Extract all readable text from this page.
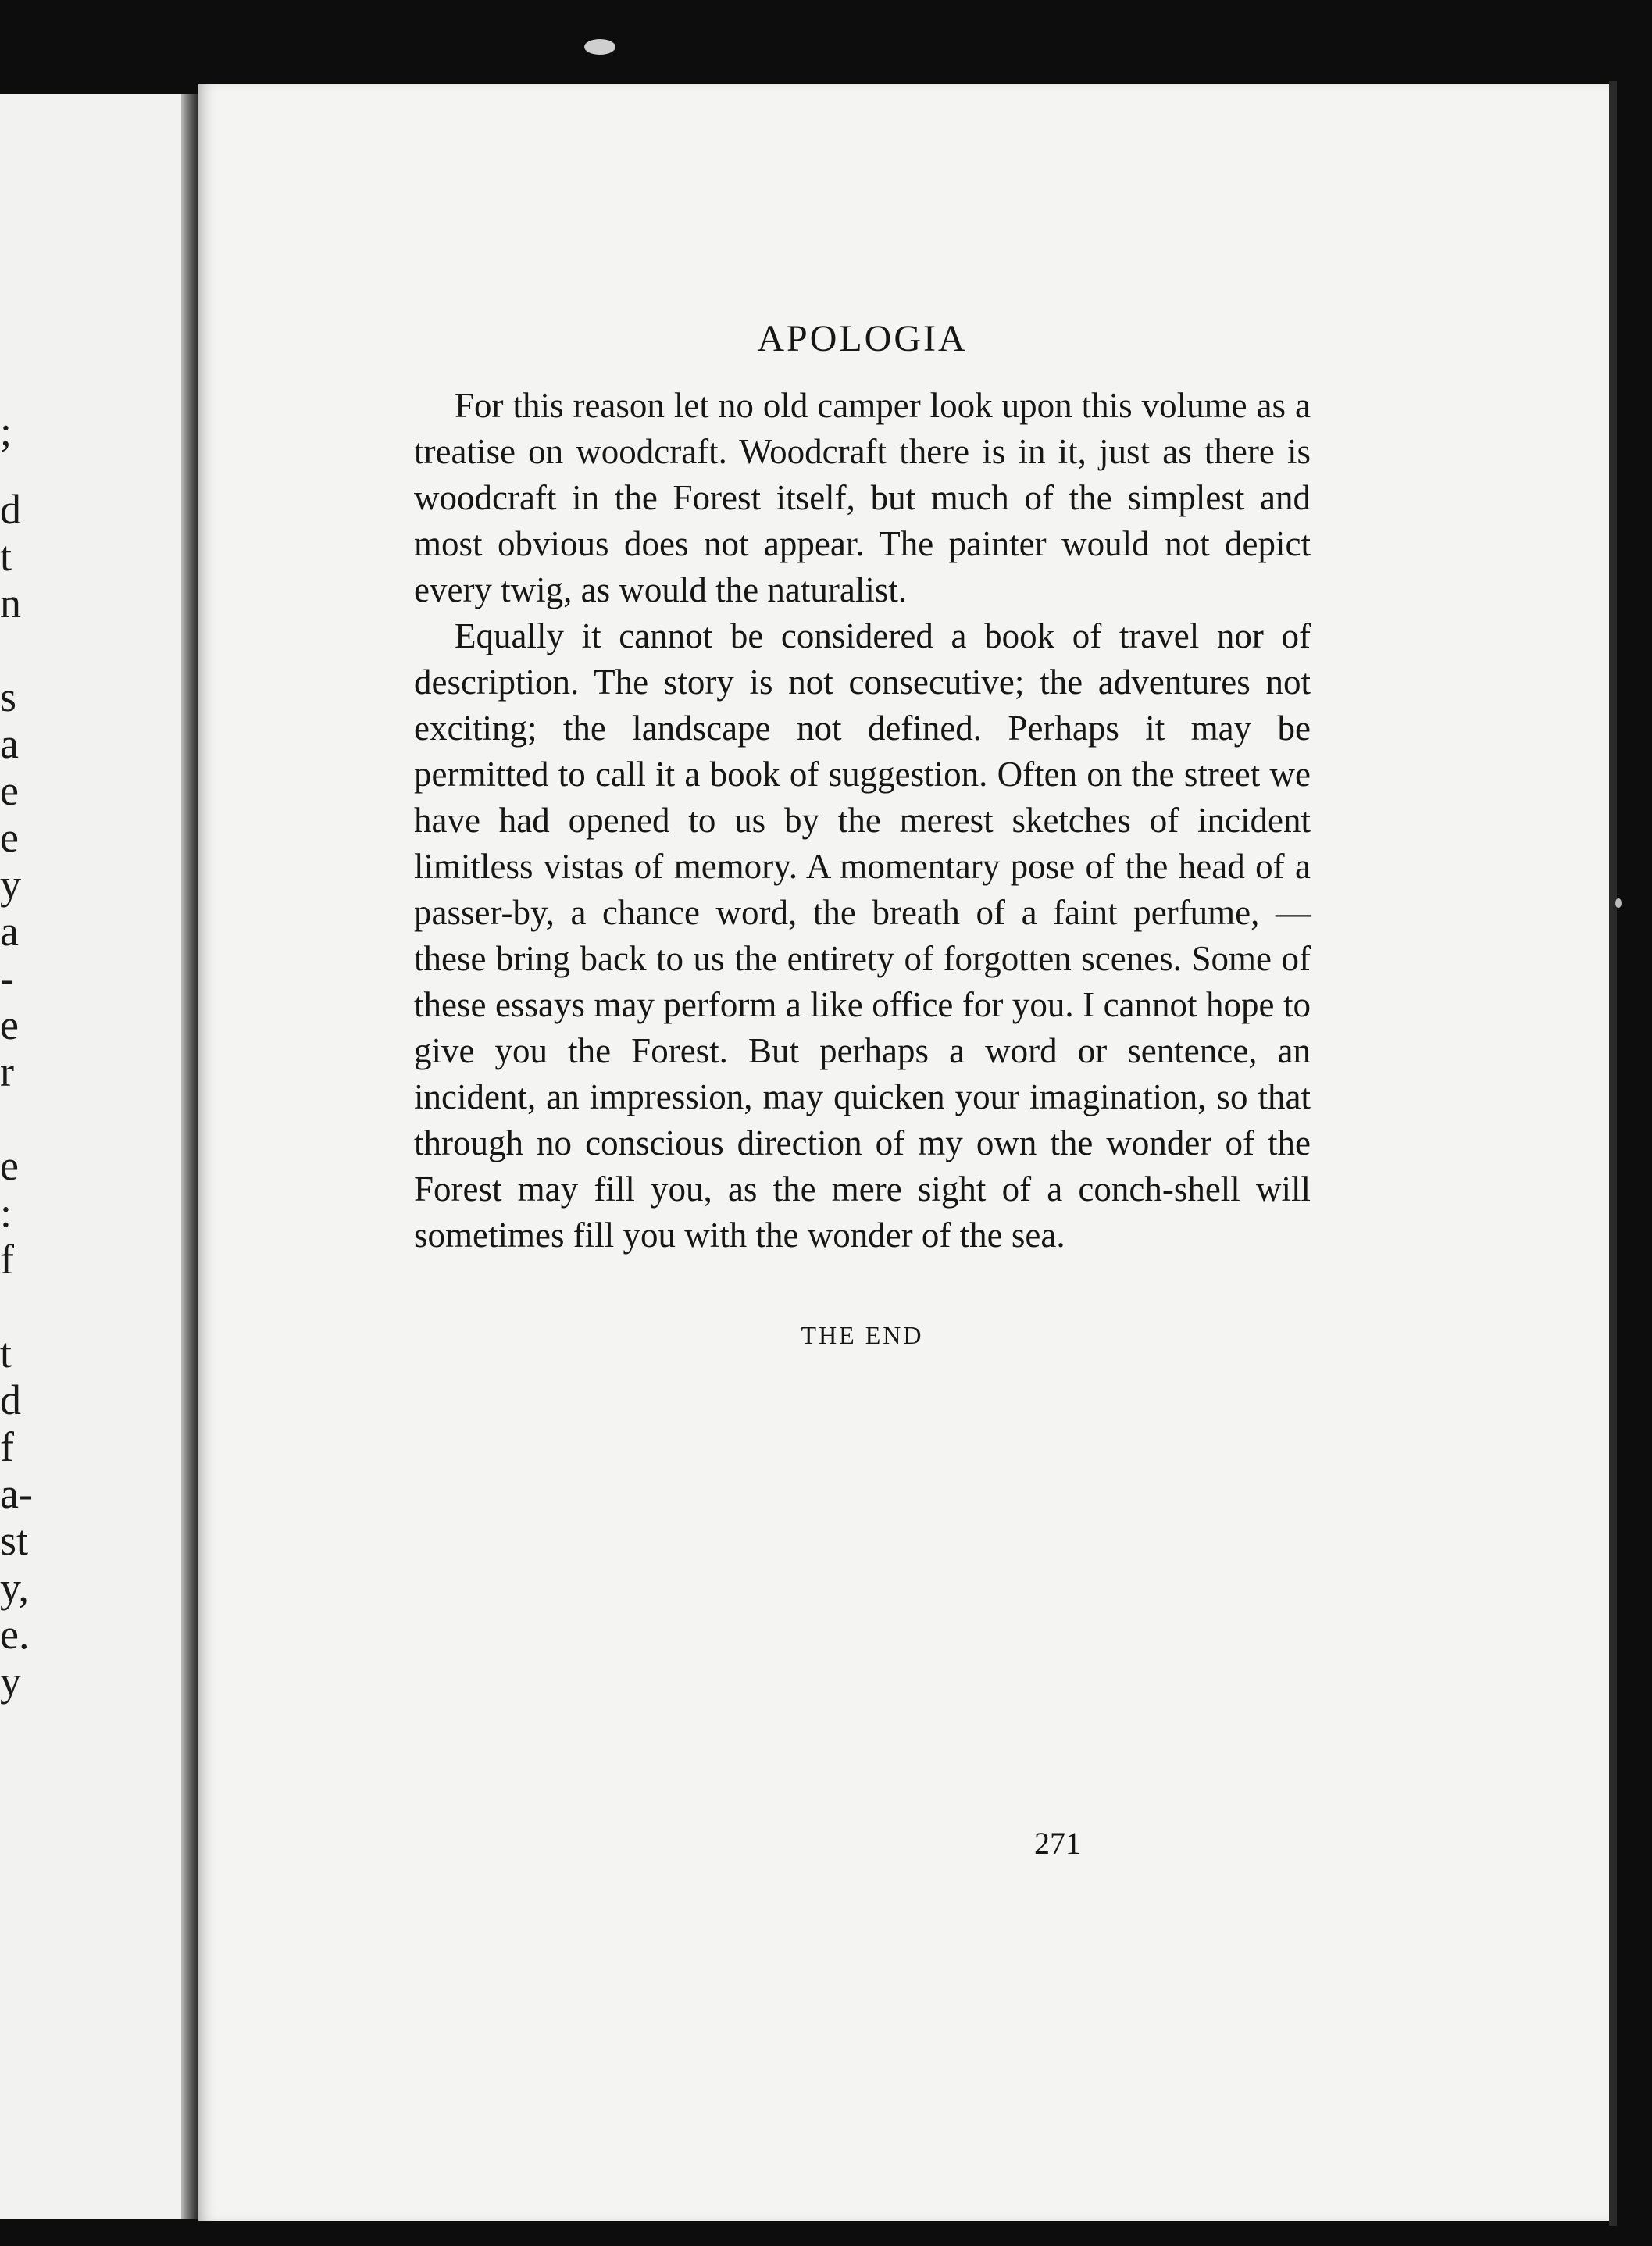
;
d
t
n
s
a
e
e
y
a
-
e
r
e
:
f
t
d
f
a-
st
y,
e.
y
APOLOGIA

For this reason let no old camper look upon this volume as a treatise on woodcraft. Woodcraft there is in it, just as there is woodcraft in the Forest itself, but much of the simplest and most obvious does not appear. The painter would not depict every twig, as would the naturalist.

Equally it cannot be considered a book of travel nor of description. The story is not consecutive; the adventures not exciting; the landscape not defined. Perhaps it may be permitted to call it a book of suggestion. Often on the street we have had opened to us by the merest sketches of incident limitless vistas of memory. A momentary pose of the head of a passer-by, a chance word, the breath of a faint perfume, — these bring back to us the entirety of forgotten scenes. Some of these essays may perform a like office for you. I cannot hope to give you the Forest. But perhaps a word or sentence, an incident, an impression, may quicken your imagination, so that through no conscious direction of my own the wonder of the Forest may fill you, as the mere sight of a conch-shell will sometimes fill you with the wonder of the sea.

THE END

271
